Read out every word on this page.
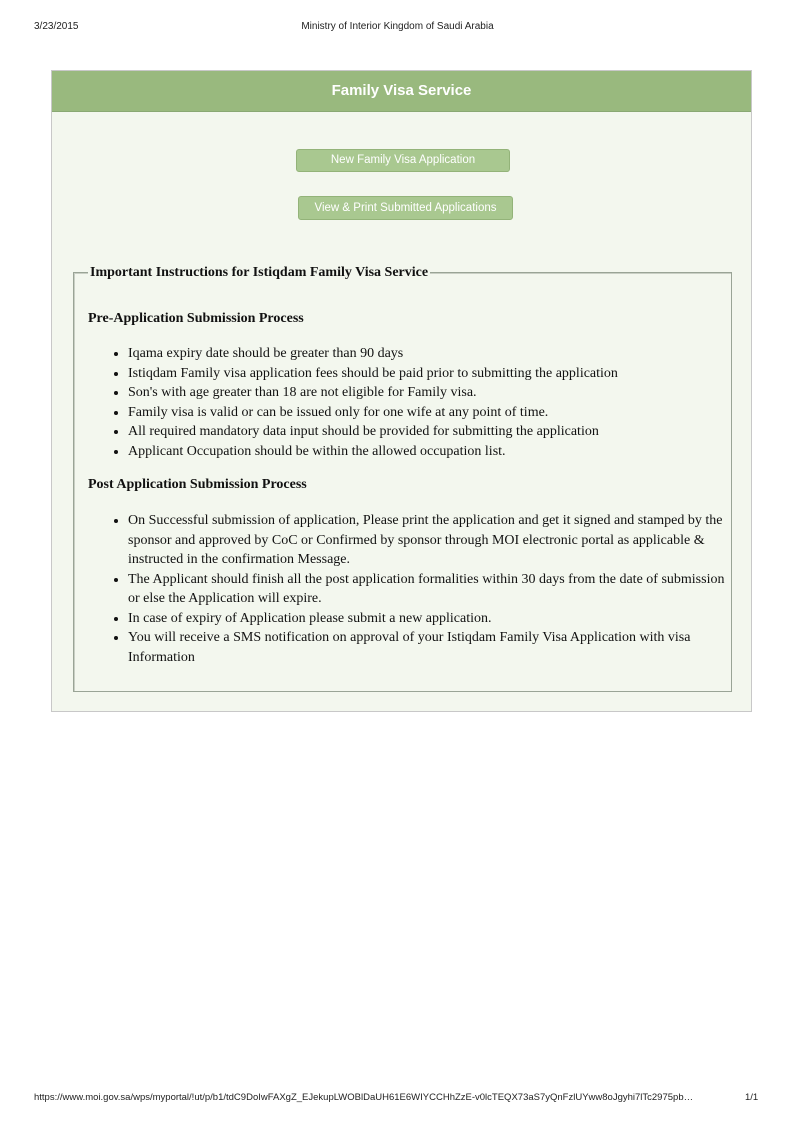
3/23/2015	Ministry of Interior Kingdom of Saudi Arabia
Family Visa Service
New Family Visa Application
View & Print Submitted Applications
Important Instructions for Istiqdam Family Visa Service
Pre-Application Submission Process
• Iqama expiry date should be greater than 90 days
• Istiqdam Family visa application fees should be paid prior to submitting the application
• Son's with age greater than 18 are not eligible for Family visa.
• Family visa is valid or can be issued only for one wife at any point of time.
• All required mandatory data input should be provided for submitting the application
• Applicant Occupation should be within the allowed occupation list.
Post Application Submission Process
• On Successful submission of application, Please print the application and get it signed and stamped by the sponsor and approved by CoC or Confirmed by sponsor through MOI electronic portal as applicable & instructed in the confirmation Message.
• The Applicant should finish all the post application formalities within 30 days from the date of submission or else the Application will expire.
• In case of expiry of Application please submit a new application.
• You will receive a SMS notification on approval of your Istiqdam Family Visa Application with visa Information
https://www.moi.gov.sa/wps/myportal/!ut/p/b1/tdC9DoIwFAXgZ_EJekupLWOBlDaUH61E6WIYCCHhZzE-v0lcTEQX73aS7yQnFzlUYww8oJgyhi7lTc2975pb…	1/1
